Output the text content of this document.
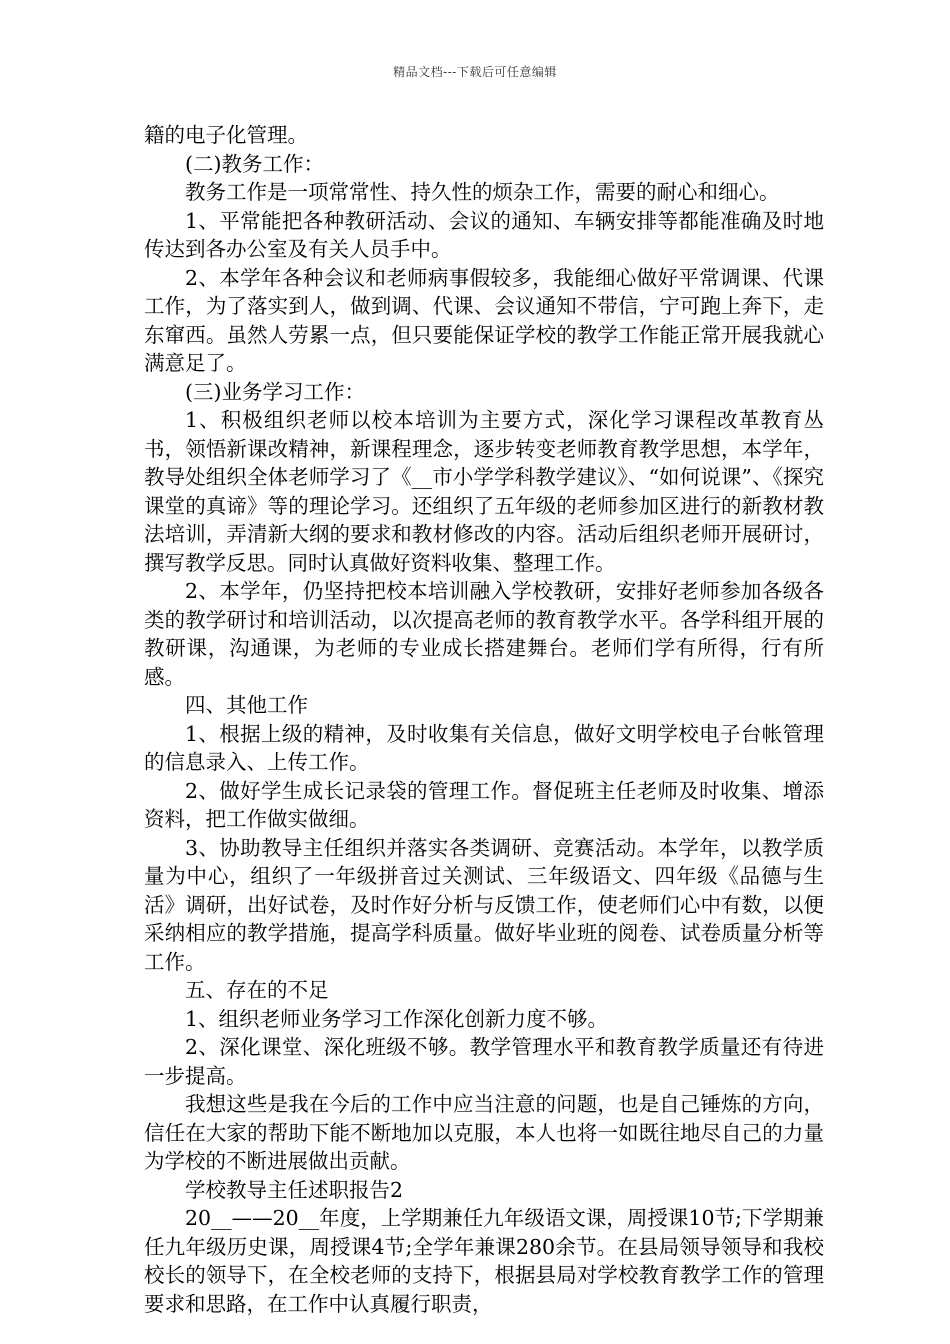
精品文档---下载后可任意编辑

籍的电子化管理。

(二)教务工作：

教务工作是一项常常性、持久性的烦杂工作，需要的耐心和细心。

1、平常能把各种教研活动、会议的通知、车辆安排等都能准确及时地传达到各办公室及有关人员手中。

2、本学年各种会议和老师病事假较多，我能细心做好平常调课、代课工作，为了落实到人，做到调、代课、会议通知不带信，宁可跑上奔下，走东窜西。虽然人劳累一点，但只要能保证学校的教学工作能正常开展我就心满意足了。

(三)业务学习工作：

1、积极组织老师以校本培训为主要方式，深化学习课程改革教育丛书，领悟新课改精神，新课程理念，逐步转变老师教育教学思想，本学年，教导处组织全体老师学习了《__市小学学科教学建议》、“如何说课”、《探究课堂的真谛》等的理论学习。还组织了五年级的老师参加区进行的新教材教法培训，弄清新大纲的要求和教材修改的内容。活动后组织老师开展研讨，撰写教学反思。同时认真做好资料收集、整理工作。

2、本学年，仍坚持把校本培训融入学校教研，安排好老师参加各级各类的教学研讨和培训活动，以次提高老师的教育教学水平。各学科组开展的教研课，沟通课，为老师的专业成长搭建舞台。老师们学有所得，行有所感。

四、其他工作

1、根据上级的精神，及时收集有关信息，做好文明学校电子台帐管理的信息录入、上传工作。

2、做好学生成长记录袋的管理工作。督促班主任老师及时收集、增添资料，把工作做实做细。

3、协助教导主任组织并落实各类调研、竞赛活动。本学年，以教学质量为中心，组织了一年级拼音过关测试、三年级语文、四年级《品德与生活》调研，出好试卷，及时作好分析与反馈工作，使老师们心中有数，以便采纳相应的教学措施，提高学科质量。做好毕业班的阅卷、试卷质量分析等工作。

五、存在的不足

1、组织老师业务学习工作深化创新力度不够。

2、深化课堂、深化班级不够。教学管理水平和教育教学质量还有待进一步提高。

我想这些是我在今后的工作中应当注意的问题，也是自己锤炼的方向，信任在大家的帮助下能不断地加以克服，本人也将一如既往地尽自己的力量为学校的不断进展做出贡献。

学校教导主任述职报告2

20__——20__年度，上学期兼任九年级语文课，周授课10节;下学期兼任九年级历史课，周授课4节;全学年兼课280余节。在县局领导领导和我校校长的领导下，在全校老师的支持下，根据县局对学校教育教学工作的管理要求和思路，在工作中认真履行职责，
